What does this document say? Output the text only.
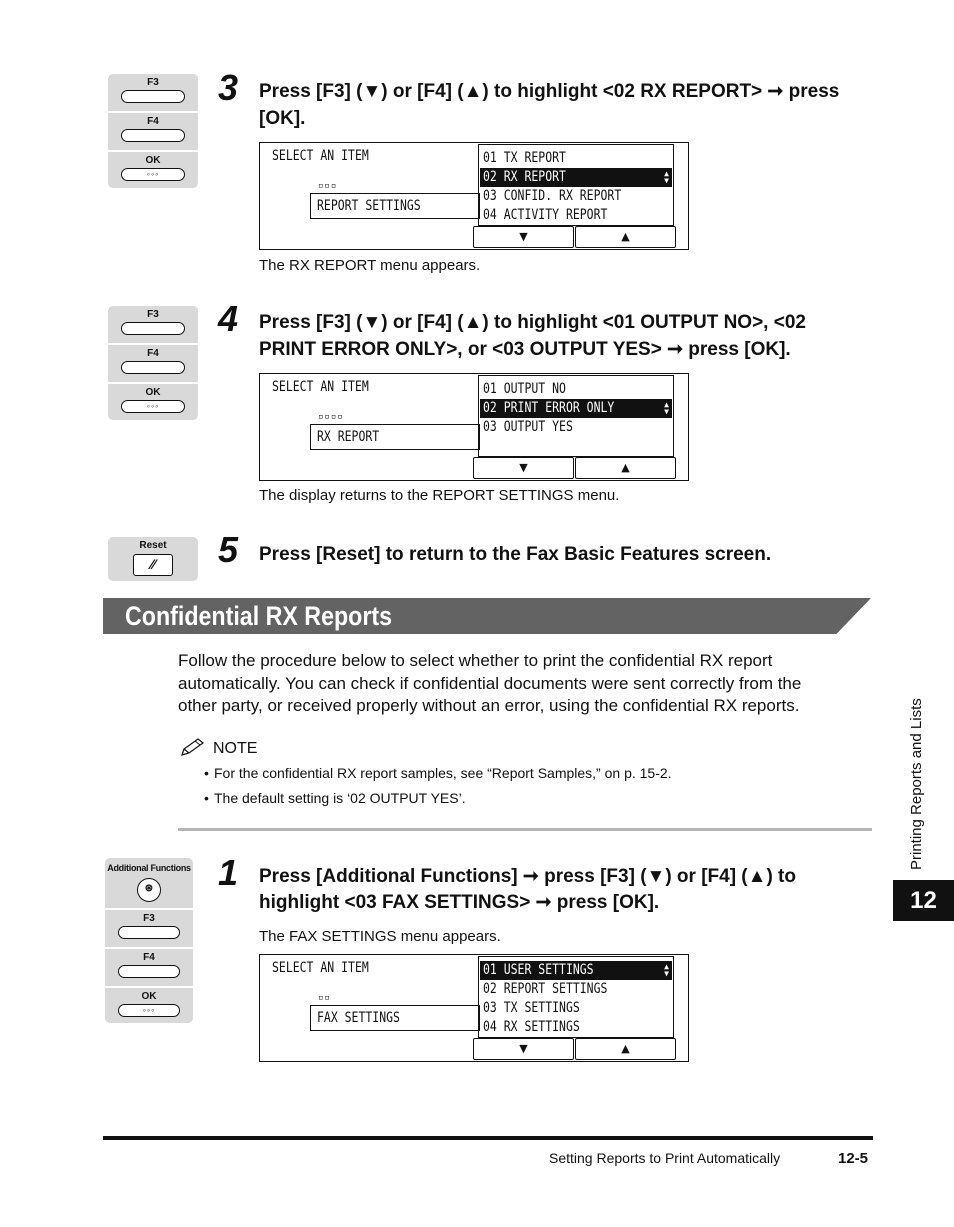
F3
F4
OK
◦◦◦
3 Press [F3] (▼) or [F4] (▲) to highlight <02 RX REPORT> ➞ press [OK].
SELECT AN ITEM
▫▫▫
REPORT SETTINGS
01 TX REPORT
02 RX REPORT	▲
▼
03 CONFID. RX REPORT
04 ACTIVITY REPORT
▼	▲
The RX REPORT menu appears.
F3
F4
OK
◦◦◦
4 Press [F3] (▼) or [F4] (▲) to highlight <01 OUTPUT NO>, <02
PRINT ERROR ONLY>, or <03 OUTPUT YES> ➞ press [OK].
SELECT AN ITEM
▫▫▫▫
RX REPORT
01 OUTPUT NO
02 PRINT ERROR ONLY	▲
▼
03 OUTPUT YES
▼	▲
The display returns to the REPORT SETTINGS menu.
Reset
⁄⁄	5 Press [Reset] to return to the Fax Basic Features screen.
Confidential RX Reports
Follow the procedure below to select whether to print the confidential RX report
automatically. You can check if confidential documents were sent correctly from the
other party, or received properly without an error, using the confidential RX reports.
NOTE
• For the confidential RX report samples, see “Report Samples,” on p. 15-2.
• The default setting is ‘02 OUTPUT YES’.
Additional Functions
⊛
F3
F4
OK
◦◦◦
1 Press [Additional Functions] ➞ press [F3] (▼) or [F4] (▲) to
highlight <03 FAX SETTINGS> ➞ press [OK].
The FAX SETTINGS menu appears.
SELECT AN ITEM
▫▫
FAX SETTINGS
01 USER SETTINGS	▲
▼
02 REPORT SETTINGS
03 TX SETTINGS
04 RX SETTINGS
▼	▲
Printing Reports and Lists
12
Setting Reports to Print Automatically	12-5
